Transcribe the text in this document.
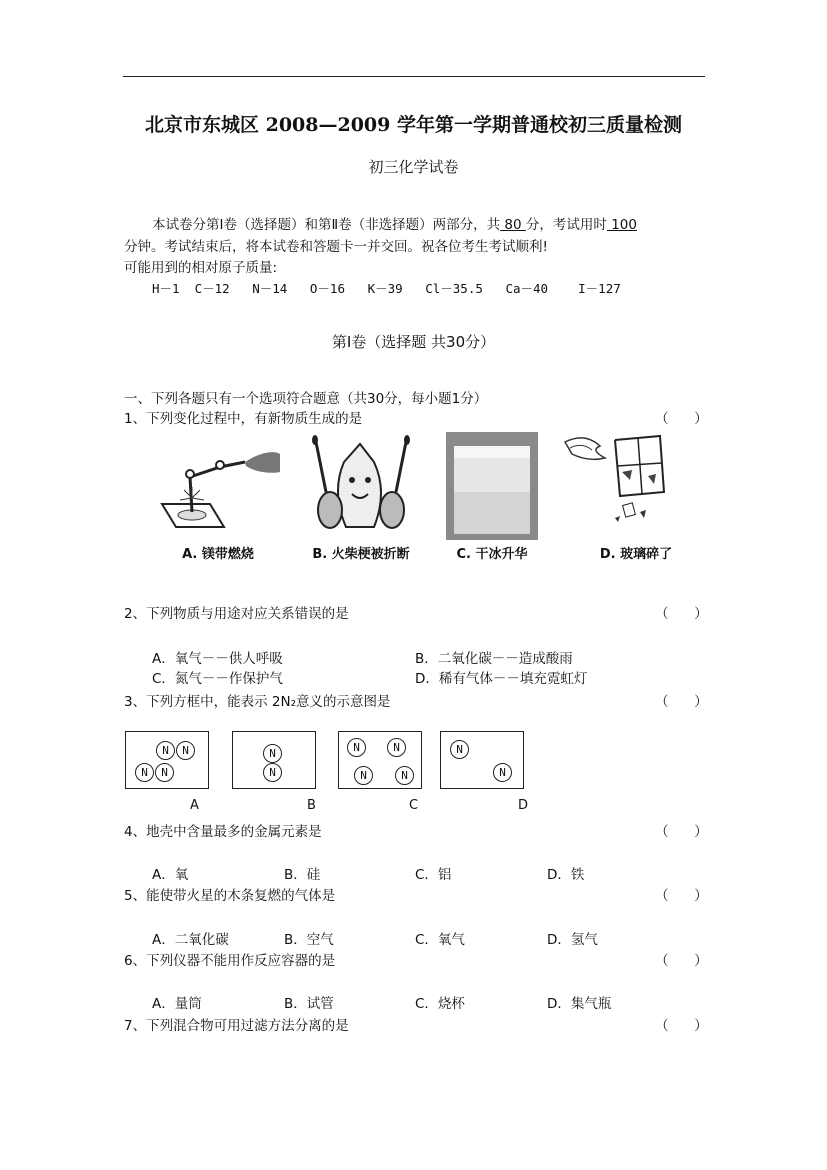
北京市东城区 2008—2009 学年第一学期普通校初三质量检测
初三化学试卷
本试卷分第Ⅰ卷（选择题）和第Ⅱ卷（非选择题）两部分，共 80 分，考试用时 100
分钟。考试结束后，将本试卷和答题卡一并交回。祝各位考生考试顺利!
可能用到的相对原子质量:
H－1  C－12   N－14   O－16   K－39   Cl－35.5   Ca－40    I－127
第Ⅰ卷（选择题 共30分）
一、下列各题只有一个选项符合题意（共30分，每小题1分）
1、下列变化过程中，有新物质生成的是	（      ）
A. 镁带燃烧	B. 火柴梗被折断	C. 干冰升华	D. 玻璃碎了
2、下列物质与用途对应关系错误的是	（      ）
A．氧气－－供人呼吸	B．二氧化碳－－造成酸雨
C．氮气－－作保护气	D．稀有气体－－填充霓虹灯
3、下列方框中，能表示 2N₂意义的示意图是	（      ）
N	N
N	N
N
N
N	N
N	N
N
N
A	B	C	D
4、地壳中含量最多的金属元素是	（      ）
A．氧	B．硅	C．铝	D．铁
5、能使带火星的木条复燃的气体是	（      ）
A．二氧化碳	B．空气	C．氧气	D．氢气
6、下列仪器不能用作反应容器的是	（      ）
A．量筒	B．试管	C．烧杯	D．集气瓶
7、下列混合物可用过滤方法分离的是	（      ）
